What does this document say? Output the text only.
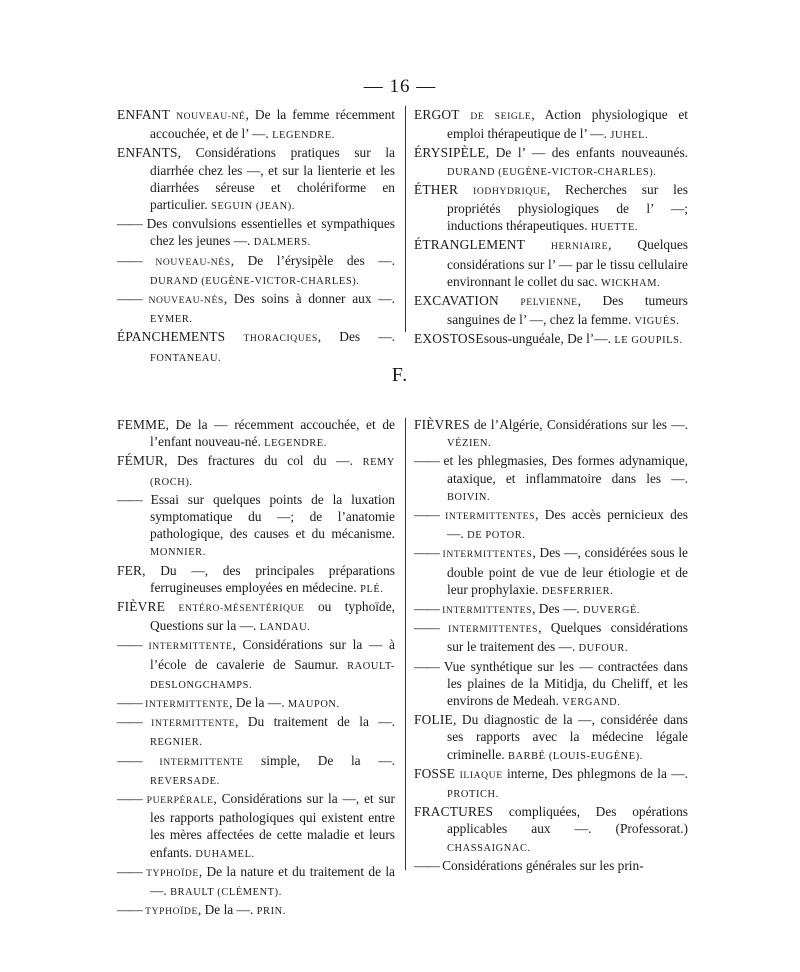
— 16 —
ENFANT NOUVEAU-NÉ, De la femme récemment accouchée, et de l’ —. LEGENDRE.
ENFANTS, Considérations pratiques sur la diarrhée chez les —, et sur la lienterie et les diarrhées séreuse et cholériforme en particulier. SEGUIN (JEAN).
—— Des convulsions essentielles et sympathiques chez les jeunes —. DALMERS.
—— NOUVEAU-NÉS, De l’érysipèle des —. DURAND (EUGÈNE-VICTOR-CHARLES).
—— NOUVEAU-NÉS, Des soins à donner aux —. EYMER.
ÉPANCHEMENTS THORACIQUES, Des —. FONTANEAU.
ERGOT DE SEIGLE, Action physiologique et emploi thérapeutique de l’ —. JUHEL.
ÉRYSIPÈLE, De l’ — des enfants nouveaunés. DURAND (EUGÈNE-VICTOR-CHARLES).
ÉTHER IODHYDRIQUE, Recherches sur les propriétés physiologiques de l’ —; inductions thérapeutiques. HUETTE.
ÉTRANGLEMENT	HERNIAIRE, Quelques considérations sur l’ — par le tissu cellulaire environnant le collet du sac. WICKHAM.
EXCAVATION PELVIENNE, Des tumeurs sanguines de l’ —, chez la femme. VIGUÉS.
EXOSTOSEsous-unguéale, De l’—. LE GOUPILS.
F.
FEMME, De la — récemment accouchée, et de l’enfant nouveau-né. LEGENDRE.
FÉMUR, Des fractures du col du —. REMY (ROCH).
—— Essai sur quelques points de la luxation symptomatique du —; de l’anatomie pathologique, des causes et du mécanisme. MONNIER.
FER, Du —, des principales préparations ferrugineuses employées en médecine. PLÉ.
FIÈVRE ENTÉRO-MÉSENTÉRIQUE ou typhoïde, Questions sur la —. LANDAU.
—— INTERMITTENTE, Considérations sur la — à l’école de cavalerie de Saumur. RAOULT-DESLONGCHAMPS.
—— INTERMITTENTE, De la —. MAUPON.
—— INTERMITTENTE, Du traitement de la —. REGNIER.
—— INTERMITTENTE simple, De la —. REVERSADE.
—— PUERPÉRALE, Considérations sur la —, et sur les rapports pathologiques qui existent entre les mères affectées de cette maladie et leurs enfants. DUHAMEL.
—— TYPHOÏDE, De la nature et du traitement de la —. BRAULT (CLÉMENT).
—— TYPHOÏDE, De la —. PRIN.
FIÈVRES de l’Algérie, Considérations sur les —. VÉZIEN.
—— et les phlegmasies, Des formes adynamique, ataxique, et inflammatoire dans les —. BOIVIN.
—— INTERMITTENTES, Des accès pernicieux des —. DE POTOR.
—— INTERMITTENTES, Des —, considérées sous le double point de vue de leur étiologie et de leur prophylaxie. DESFERRIER.
—— INTERMITTENTES, Des —. DUVERGÉ.
—— INTERMITTENTES, Quelques considérations sur le traitement des —. DUFOUR.
—— Vue synthétique sur les — contractées dans les plaines de la Mitidja, du Cheliff, et les environs de Medeah. VERGAND.
FOLIE, Du diagnostic de la —, considérée dans ses rapports avec la médecine légale criminelle. BARBÉ (LOUIS-EUGÈNE).
FOSSE ILIAQUE interne, Des phlegmons de la —. PROTICH.
FRACTURES compliquées, Des opérations applicables aux —. (Professorat.) CHASSAIGNAC.
—— Considérations générales sur les prin-
